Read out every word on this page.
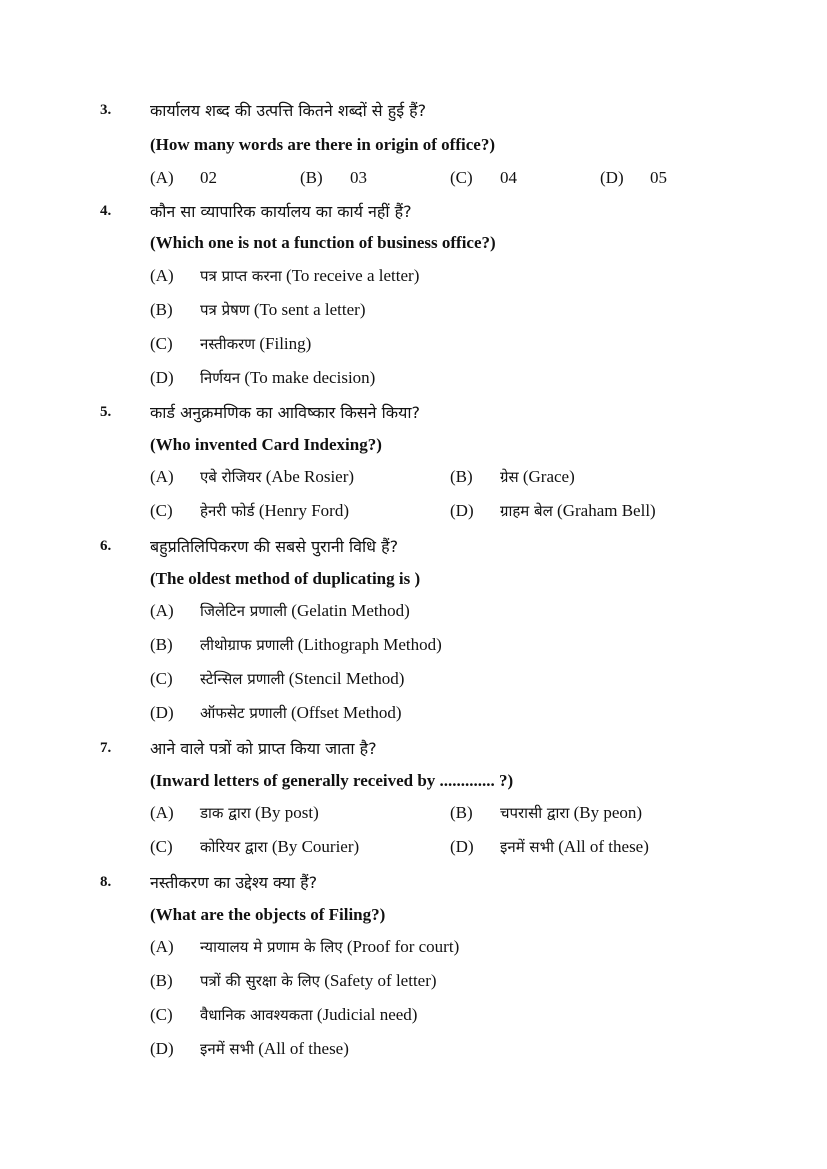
3. कार्यालय शब्द की उत्पत्ति कितने शब्दों से हुई हैं?
(How many words are there in origin of office?)
(A) 02	(B) 03	(C) 04	(D) 05
4. कौन सा व्यापारिक कार्यालय का कार्य नहीं हैं?
(Which one is not a function of business office?)
(A) पत्र प्राप्त करना (To receive a letter)
(B) पत्र प्रेषण (To sent a letter)
(C) नस्तीकरण (Filing)
(D) निर्णयन (To make decision)
5. कार्ड अनुक्रमणिक का आविष्कार किसने किया?
(Who invented Card Indexing?)
(A) एबे रोजियर (Abe Rosier)	(B) ग्रेस (Grace)
(C) हेनरी फोर्ड (Henry Ford)	(D) ग्राहम बेल (Graham Bell)
6. बहुप्रतिलिपिकरण की सबसे पुरानी विधि हैं?
(The oldest method of duplicating is )
(A) जिलेटिन प्रणाली (Gelatin Method)
(B) लीथोग्राफ प्रणाली (Lithograph Method)
(C) स्टेन्सिल प्रणाली (Stencil Method)
(D) ऑफसेट प्रणाली (Offset Method)
7. आने वाले पत्रों को प्राप्त किया जाता है?
(Inward letters of generally received by ............. ?)
(A) डाक द्वारा (By post)	(B) चपरासी द्वारा (By peon)
(C) कोरियर द्वारा (By Courier)	(D) इनमें सभी (All of these)
8. नस्तीकरण का उद्देश्य क्या हैं?
(What are the objects of Filing?)
(A) न्यायालय मे प्रणाम के लिए (Proof for court)
(B) पत्रों की सुरक्षा के लिए (Safety of letter)
(C) वैधानिक आवश्यकता (Judicial need)
(D) इनमें सभी (All of these)
